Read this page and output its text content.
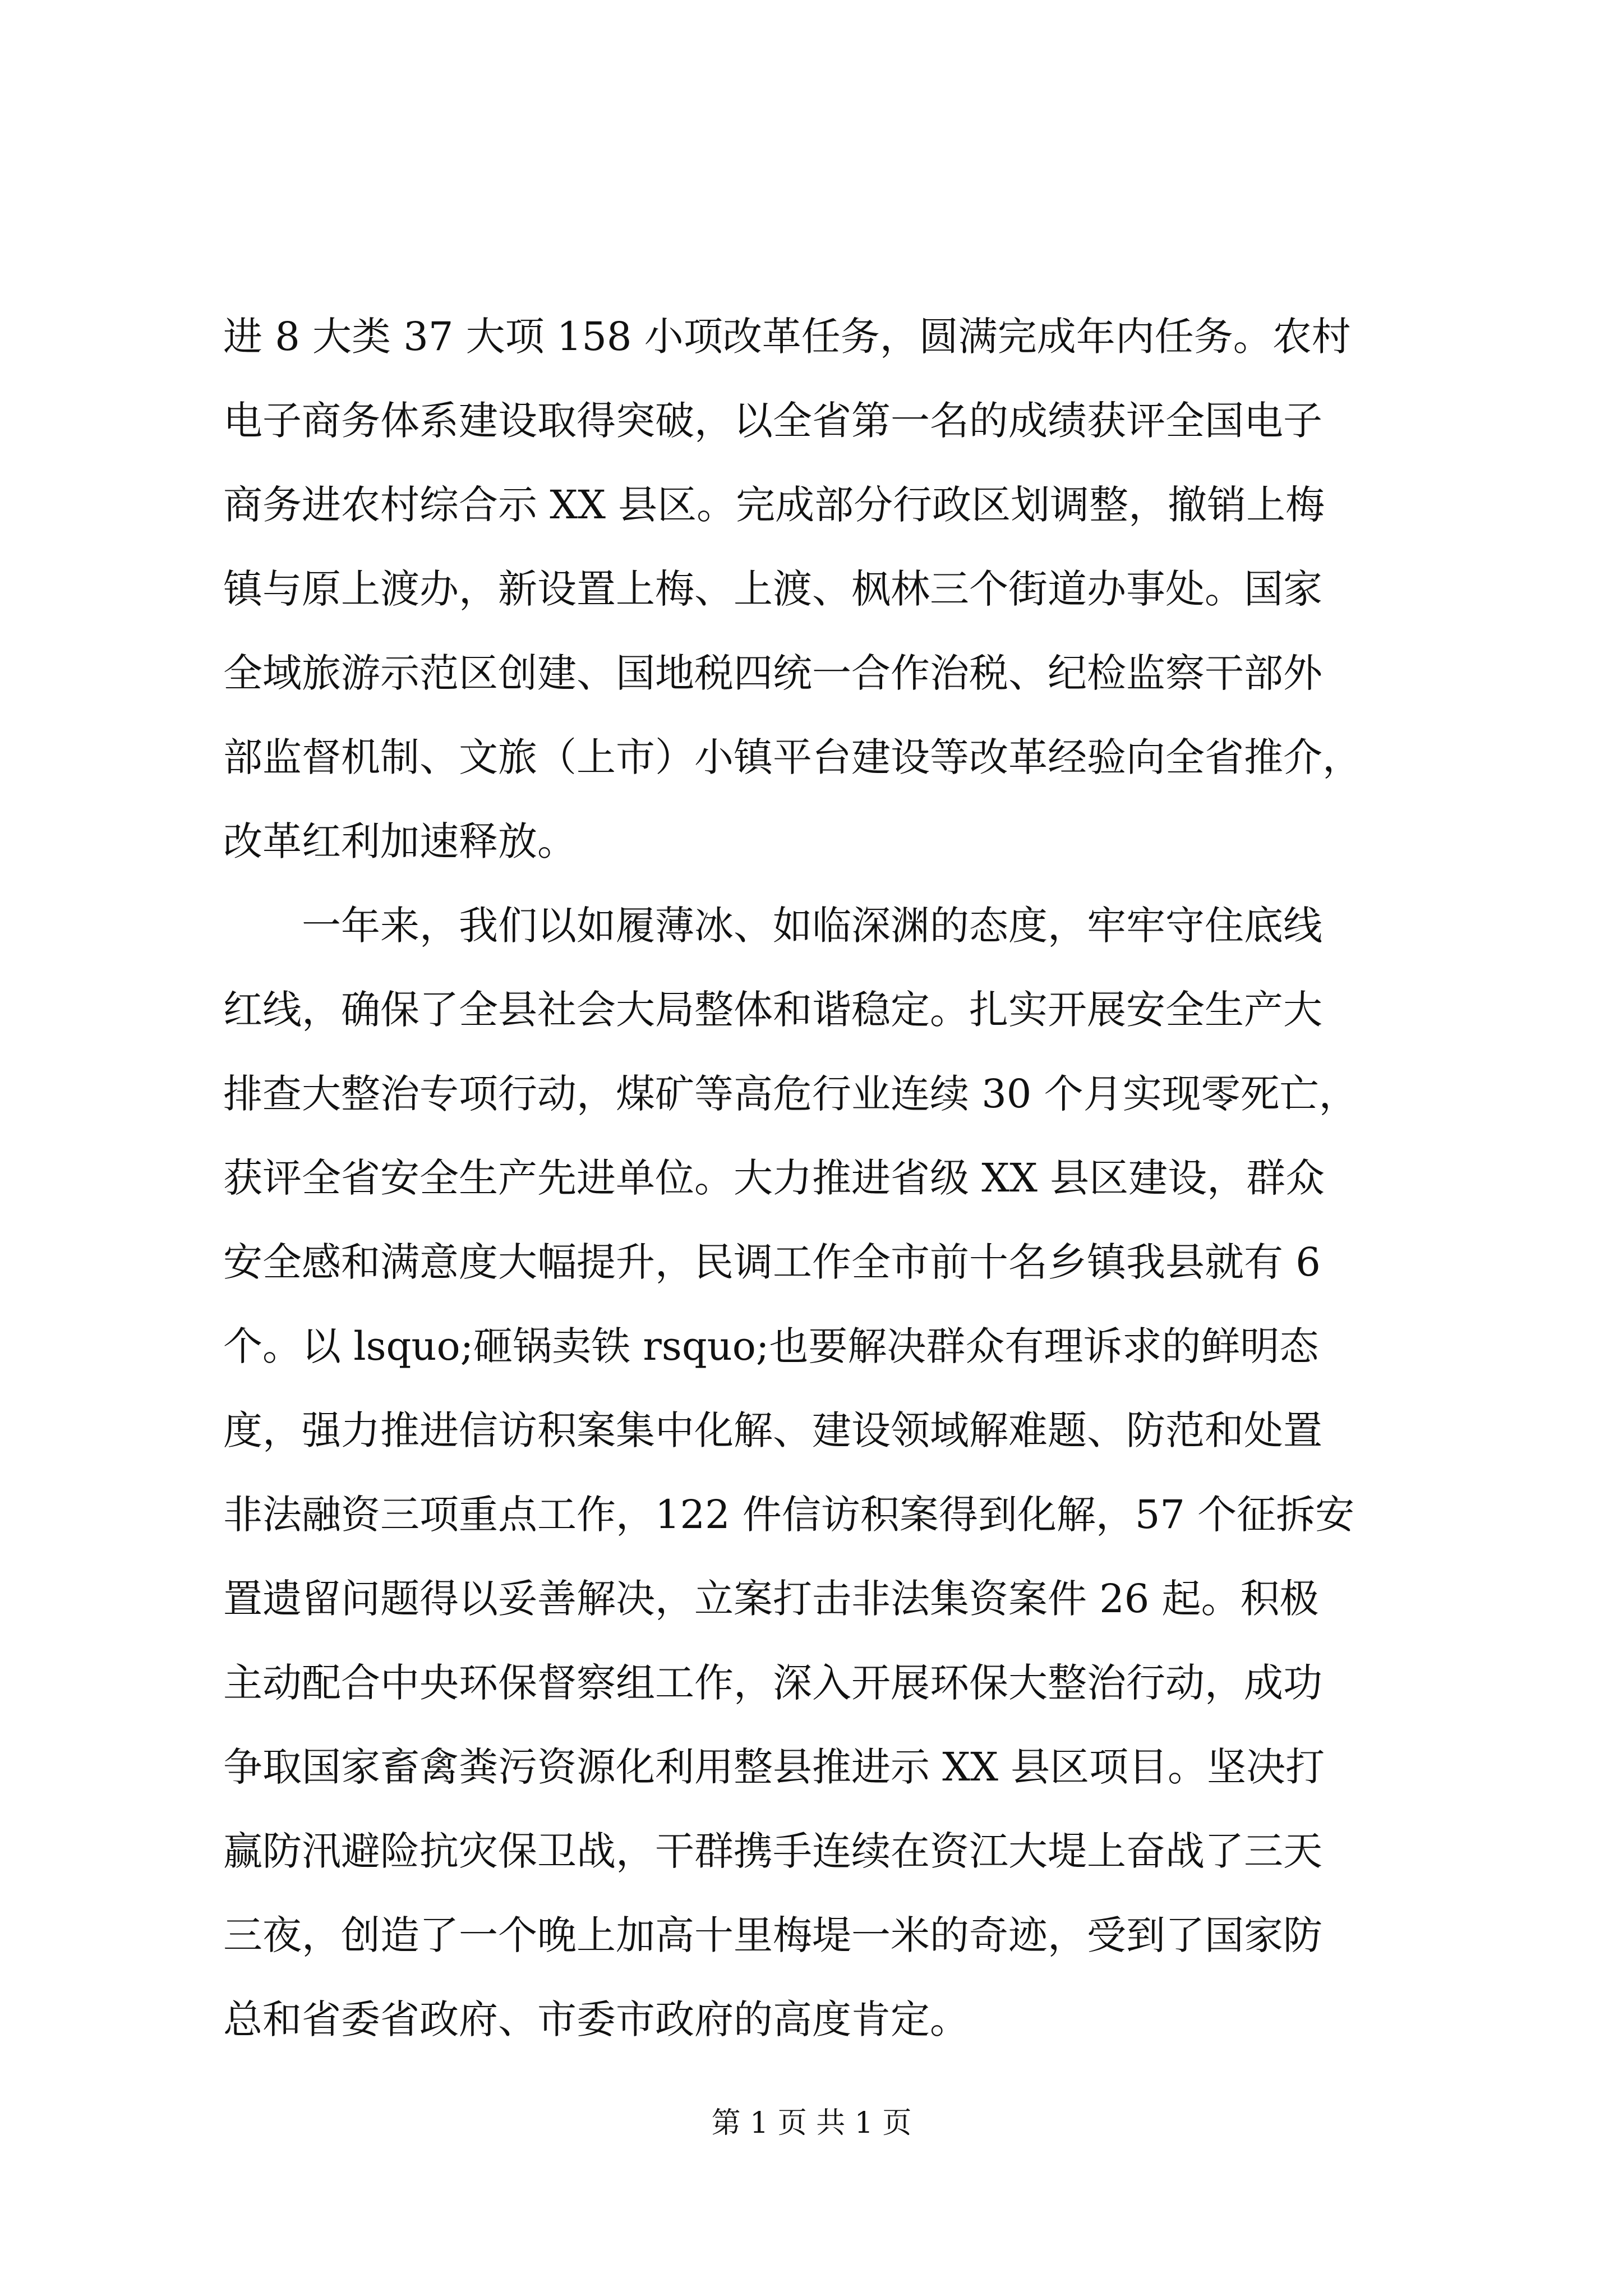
进 8 大类 37 大项 158 小项改革任务，圆满完成年内任务。农村
电子商务体系建设取得突破，以全省第一名的成绩获评全国电子
商务进农村综合示 XX 县区。完成部分行政区划调整，撤销上梅
镇与原上渡办，新设置上梅、上渡、枫林三个街道办事处。国家
全域旅游示范区创建、国地税四统一合作治税、纪检监察干部外
部监督机制、文旅（上市）小镇平台建设等改革经验向全省推介，
改革红利加速释放。
一年来，我们以如履薄冰、如临深渊的态度，牢牢守住底线
红线，确保了全县社会大局整体和谐稳定。扎实开展安全生产大
排查大整治专项行动，煤矿等高危行业连续 30 个月实现零死亡，
获评全省安全生产先进单位。大力推进省级 XX 县区建设，群众
安全感和满意度大幅提升，民调工作全市前十名乡镇我县就有 6
个。以 lsquo;砸锅卖铁 rsquo;也要解决群众有理诉求的鲜明态
度，强力推进信访积案集中化解、建设领域解难题、防范和处置
非法融资三项重点工作，122 件信访积案得到化解，57 个征拆安
置遗留问题得以妥善解决，立案打击非法集资案件 26 起。积极
主动配合中央环保督察组工作，深入开展环保大整治行动，成功
争取国家畜禽粪污资源化利用整县推进示 XX 县区项目。坚决打
赢防汛避险抗灾保卫战，干群携手连续在资江大堤上奋战了三天
三夜，创造了一个晚上加高十里梅堤一米的奇迹，受到了国家防
总和省委省政府、市委市政府的高度肯定。
第 1 页 共 1 页
